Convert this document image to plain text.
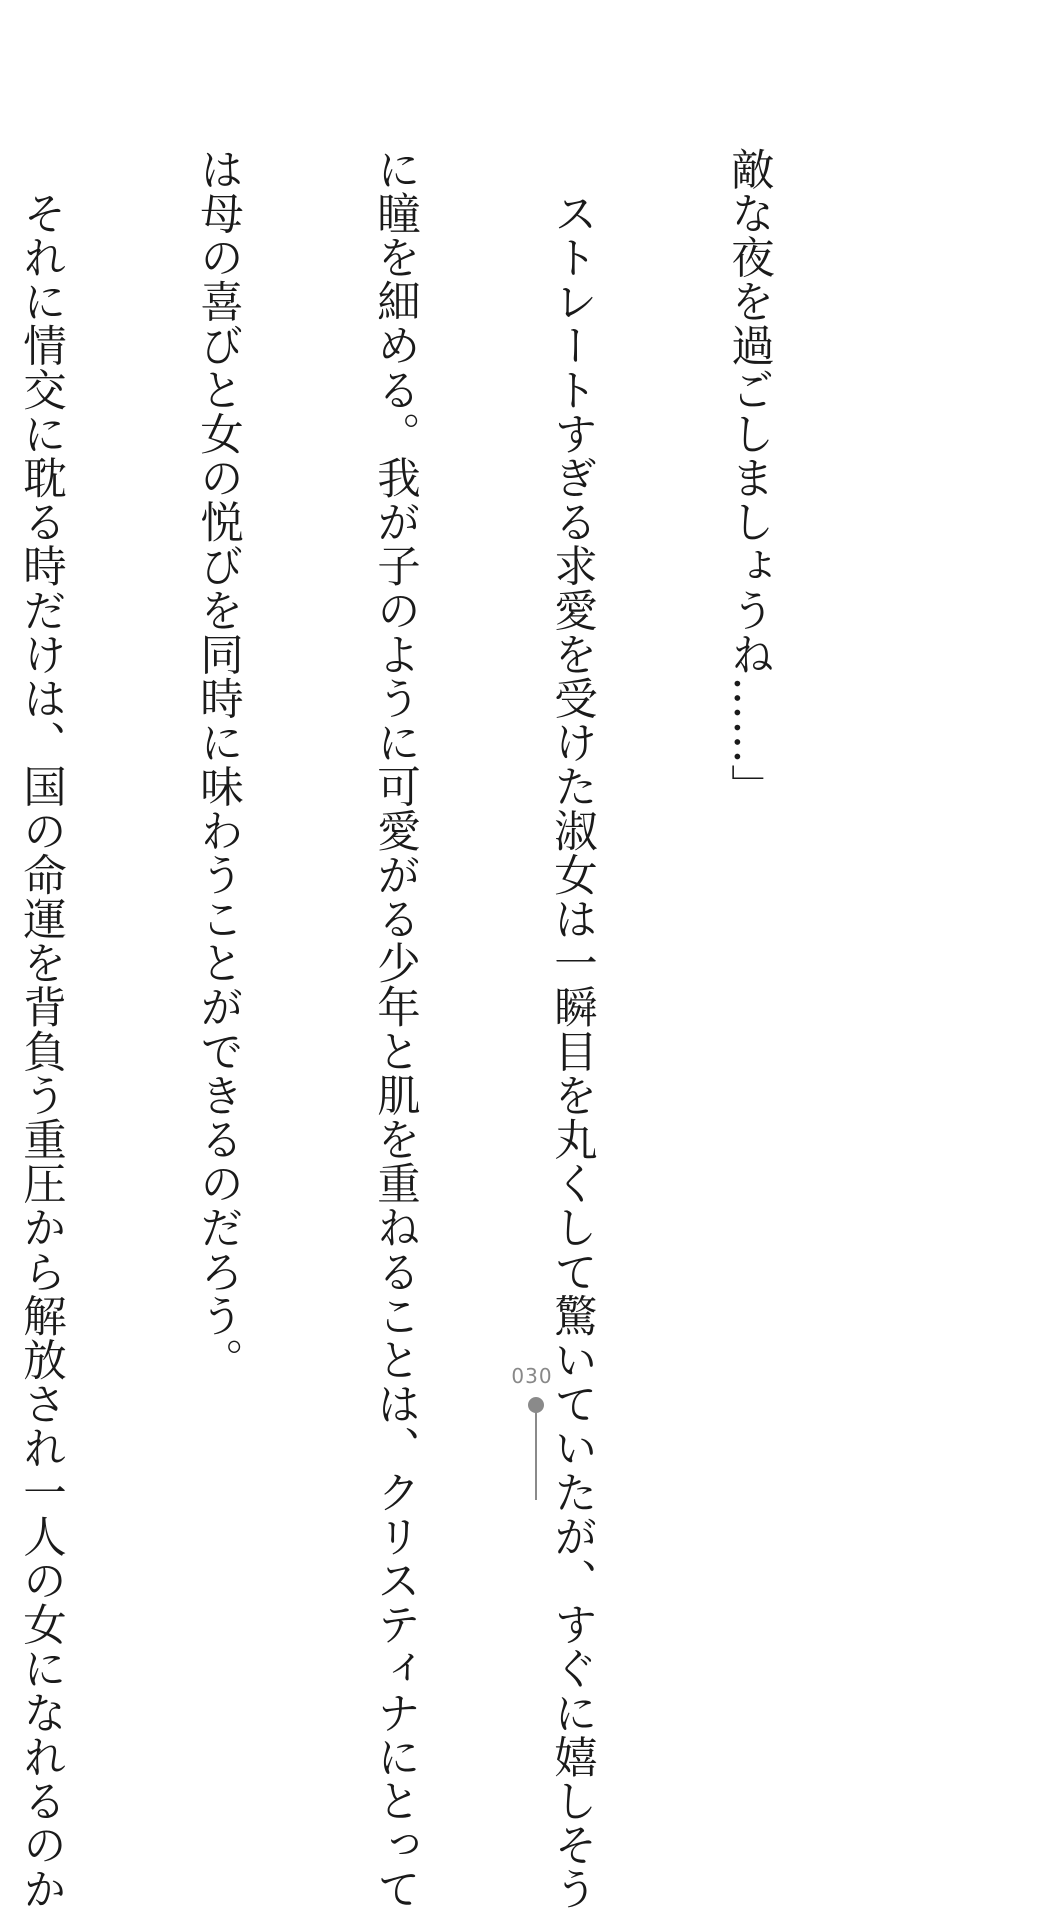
敵な夜を過ごしましょうね……」

　ストレートすぎる求愛を受けた淑女は一瞬目を丸くして驚いていたが、すぐに嬉しそう

に瞳を細める。我が子のように可愛がる少年と肌を重ねることは、クリスティナにとって

は母の喜びと女の悦びを同時に味わうことができるのだろう。

　それに情交に耽る時だけは、国の命運を背負う重圧から解放され一人の女になれるのか

	030
